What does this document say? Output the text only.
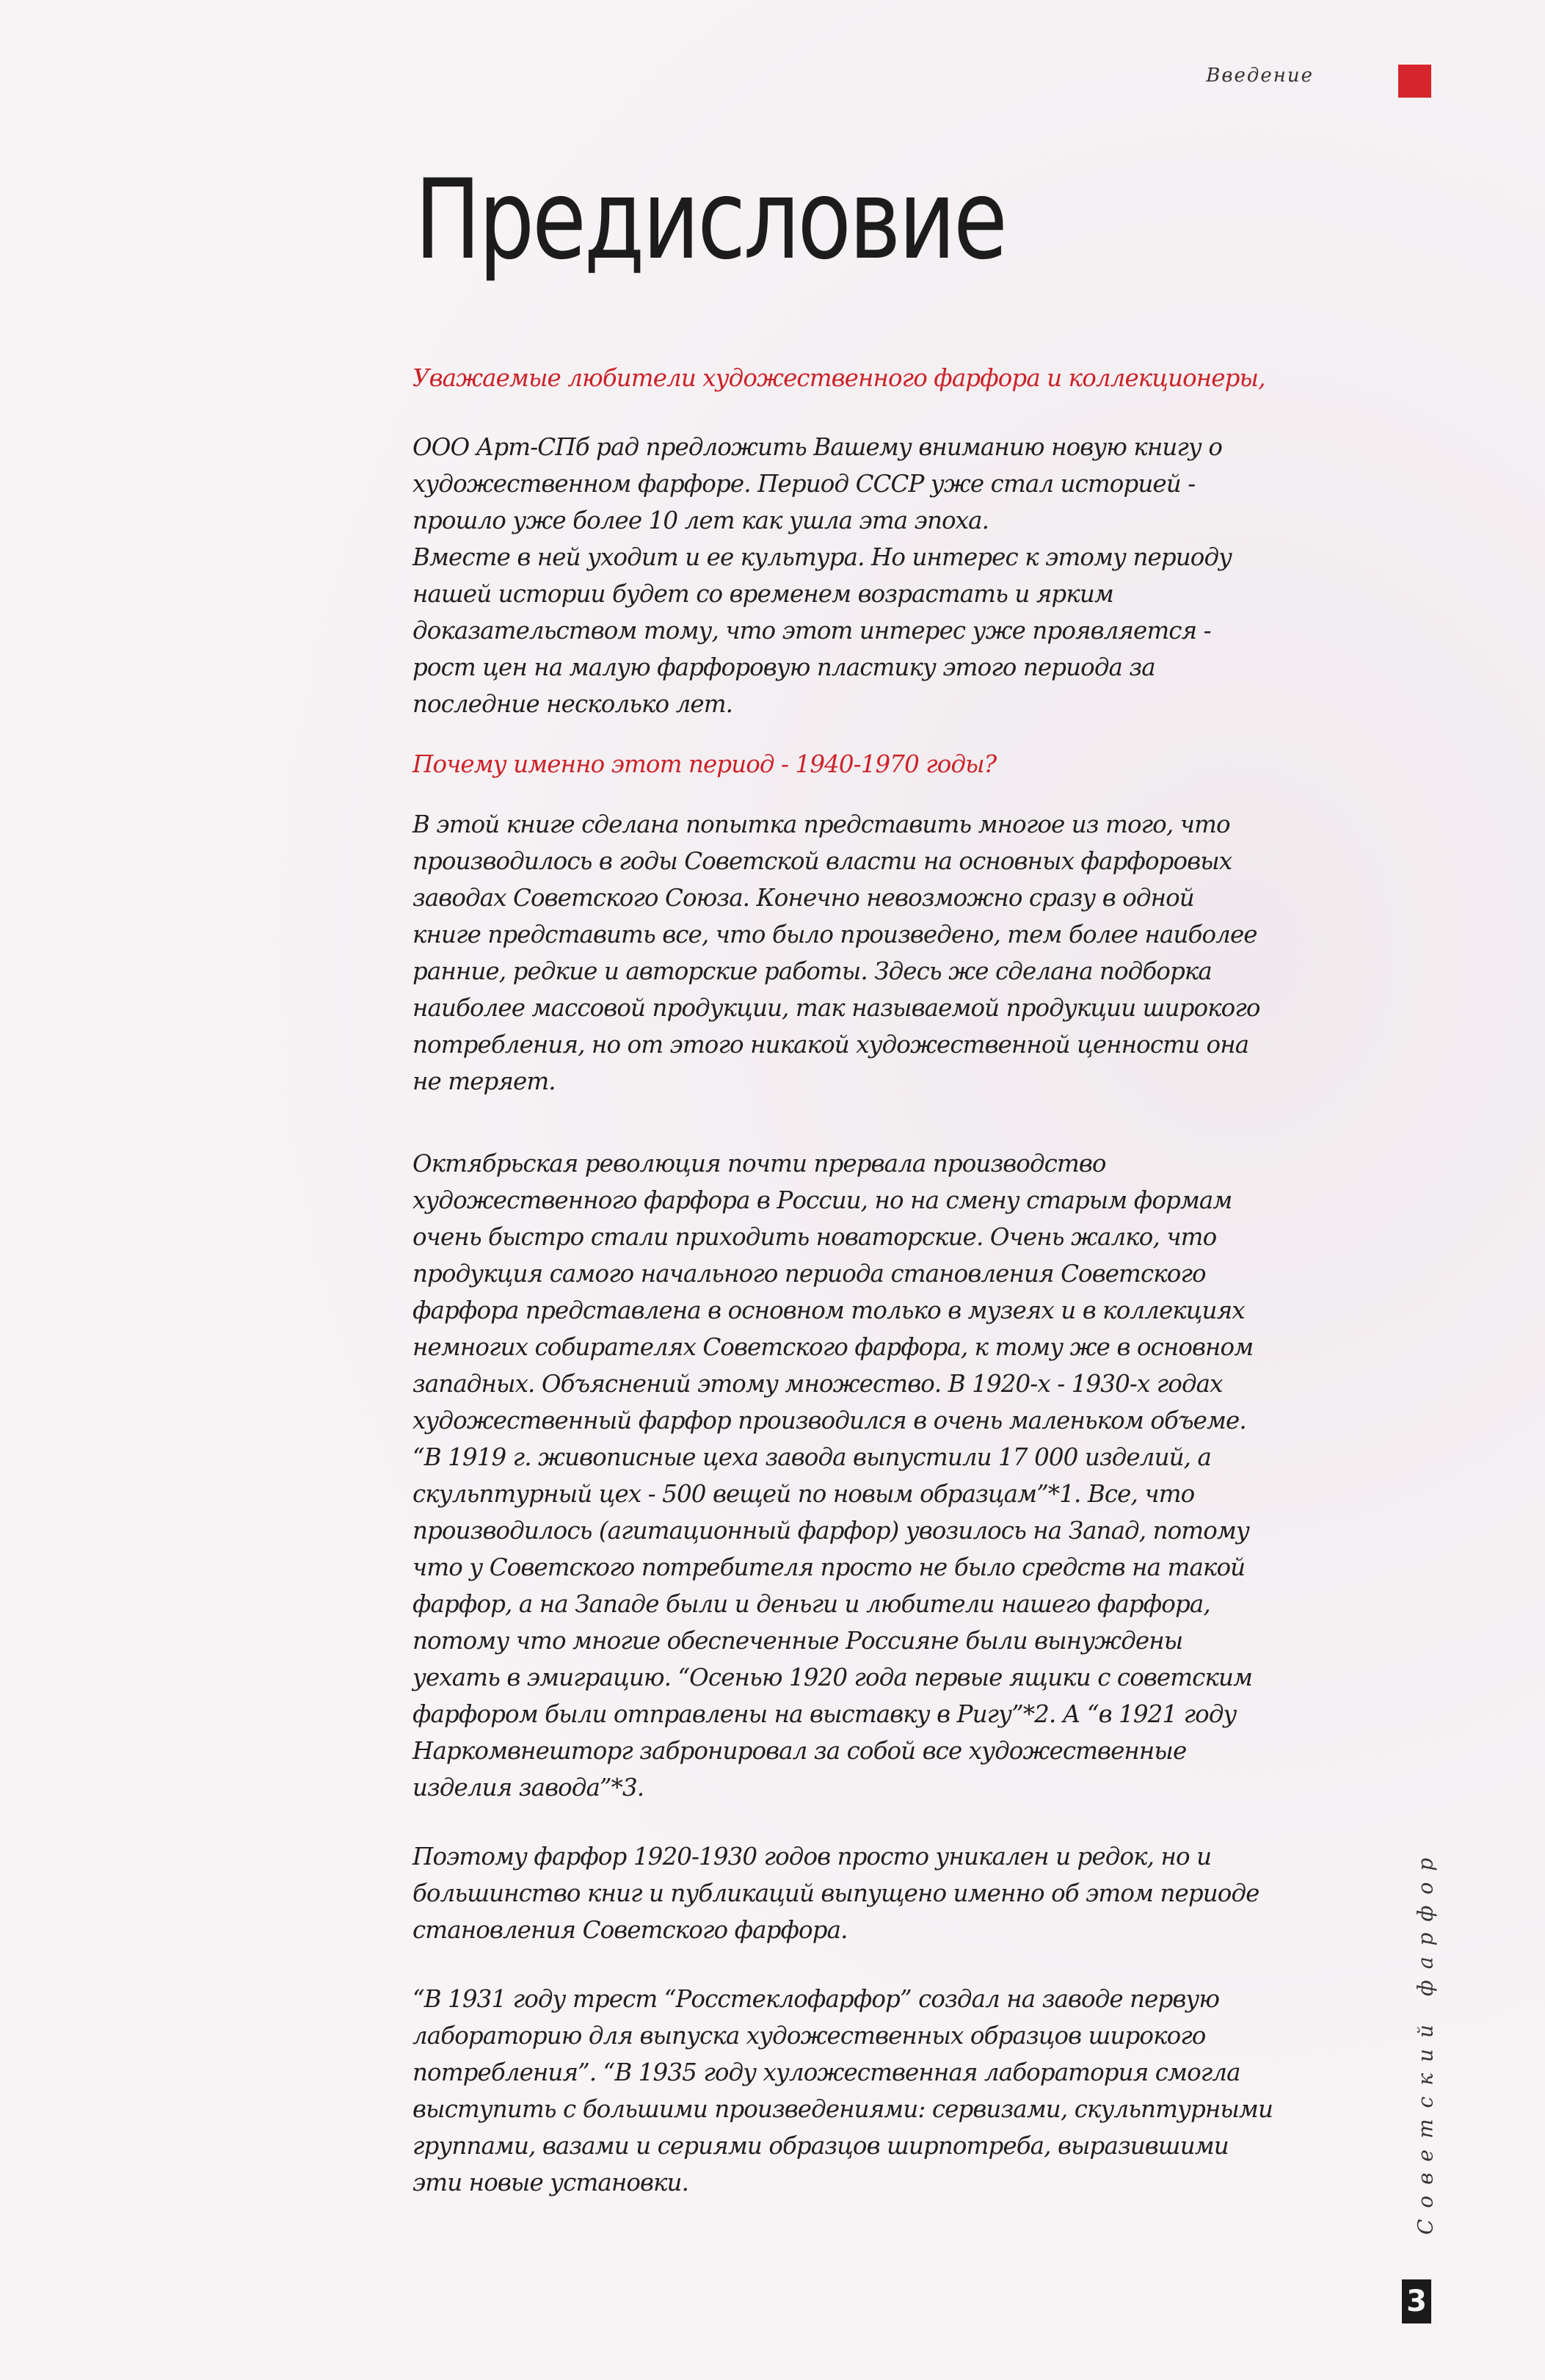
Введение
Предисловие

Уважаемые любители художественного фарфора и коллекционеры,

ООО Арт-СПб рад предложить Вашему вниманию новую книгу о
художественном фарфоре. Период СССР уже стал историей -
прошло уже более 10 лет как ушла эта эпоха.
Вместе в ней уходит и ее культура. Но интерес к этому периоду
нашей истории будет со временем возрастать и ярким
доказательством тому, что этот интерес уже проявляется -
рост цен на малую фарфоровую пластику этого периода за
последние несколько лет.

Почему именно этот период - 1940-1970 годы?

В этой книге сделана попытка представить многое из того, что
производилось в годы Советской власти на основных фарфоровых
заводах Советского Союза. Конечно невозможно сразу в одной
книге представить все, что было произведено, тем более наиболее
ранние, редкие и авторские работы. Здесь же сделана подборка
наиболее массовой продукции, так называемой продукции широкого
потребления, но от этого никакой художественной ценности она
не теряет.

Октябрьская революция почти прервала производство
художественного фарфора в России, но на смену старым формам
очень быстро стали приходить новаторские. Очень жалко, что
продукция самого начального периода становления Советского
фарфора представлена в основном только в музеях и в коллекциях
немногих собирателях Советского фарфора, к тому же в основном
западных. Объяснений этому множество. В 1920-х - 1930-х годах
художественный фарфор производился в очень маленьком объеме.
“В 1919 г. живописные цеха завода выпустили 17 000 изделий, а
скульптурный цех - 500 вещей по новым образцам”*1. Все, что
производилось (агитационный фарфор) увозилось на Запад, потому
что у Советского потребителя просто не было средств на такой
фарфор, а на Западе были и деньги и любители нашего фарфора,
потому что многие обеспеченные Россияне были вынуждены
уехать в эмиграцию. “Осенью 1920 года первые ящики с советским
фарфором были отправлены на выставку в Ригу”*2. А “в 1921 году
Наркомвнешторг забронировал за собой все художественные
изделия завода”*3.

Поэтому фарфор 1920-1930 годов просто уникален и редок, но и
большинство книг и публикаций выпущено именно об этом периоде
становления Советского фарфора.

“В 1931 году трест “Росстеклофарфор” создал на заводе первую
лабораторию для выпуска художественных образцов широкого
потребления”. “В 1935 году хуложественная лаборатория смогла
выступить с большими произведениями: сервизами, скульптурными
группами, вазами и сериями образцов ширпотреба, выразившими
эти новые установки.	Советский фарфор
3
